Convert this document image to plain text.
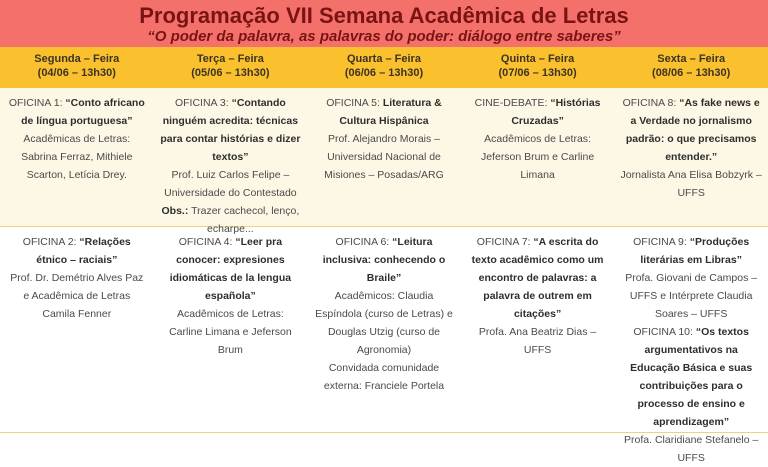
Programação VII Semana Acadêmica de Letras
“O poder da palavra, as palavras do poder: diálogo entre saberes”
Segunda – Feira
(04/06 – 13h30)
Terça – Feira
(05/06 – 13h30)
Quarta – Feira
(06/06 – 13h30)
Quinta – Feira
(07/06 – 13h30)
Sexta – Feira
(08/06 – 13h30)
OFICINA 1: “Conto africano de língua portuguesa”
Acadêmicas de Letras: Sabrina Ferraz, Mithiele Scarton, Letícia Drey.
OFICINA 3: “Contando ninguém acredita: técnicas para contar histórias e dizer textos”
Prof. Luiz Carlos Felipe – Universidade do Contestado
Obs.: Trazer cachecol, lenço, echarpe...
OFICINA 5: Literatura & Cultura Hispânica
Prof. Alejandro Morais – Universidad Nacional de Misiones – Posadas/ARG
CINE-DEBATE: “Histórias Cruzadas”
Acadêmicos de Letras: Jeferson Brum e Carline Limana
OFICINA 8: “As fake news e a Verdade no jornalismo padrão: o que precisamos entender.”
Jornalista Ana Elisa Bobzyrk – UFFS
OFICINA 2: “Relações étnico – raciais”
Prof. Dr. Demétrio Alves Paz e Acadêmica de Letras Camila Fenner
OFICINA 4: “Leer pra conocer: expresiones idiomáticas de la lengua española”
Acadêmicos de Letras: Carline Limana e Jeferson Brum
OFICINA 6: “Leitura inclusiva: conhecendo o Braile”
Acadêmicos: Claudia Espíndola (curso de Letras) e Douglas Utzig (curso de Agronomia)
Convidada comunidade externa: Franciele Portela
OFICINA 7: “A escrita do texto acadêmico como um encontro de palavras: a palavra de outrem em citações”
Profa. Ana Beatriz Dias – UFFS
OFICINA 9: “Produções literárias em Libras”
Profa. Giovani de Campos – UFFS e Intérprete Claudia Soares – UFFS
OFICINA 10: “Os textos argumentativos na Educação Básica e suas contribuições para o processo de ensino e aprendizagem”
Profa. Claridiane Stefanelo – UFFS
